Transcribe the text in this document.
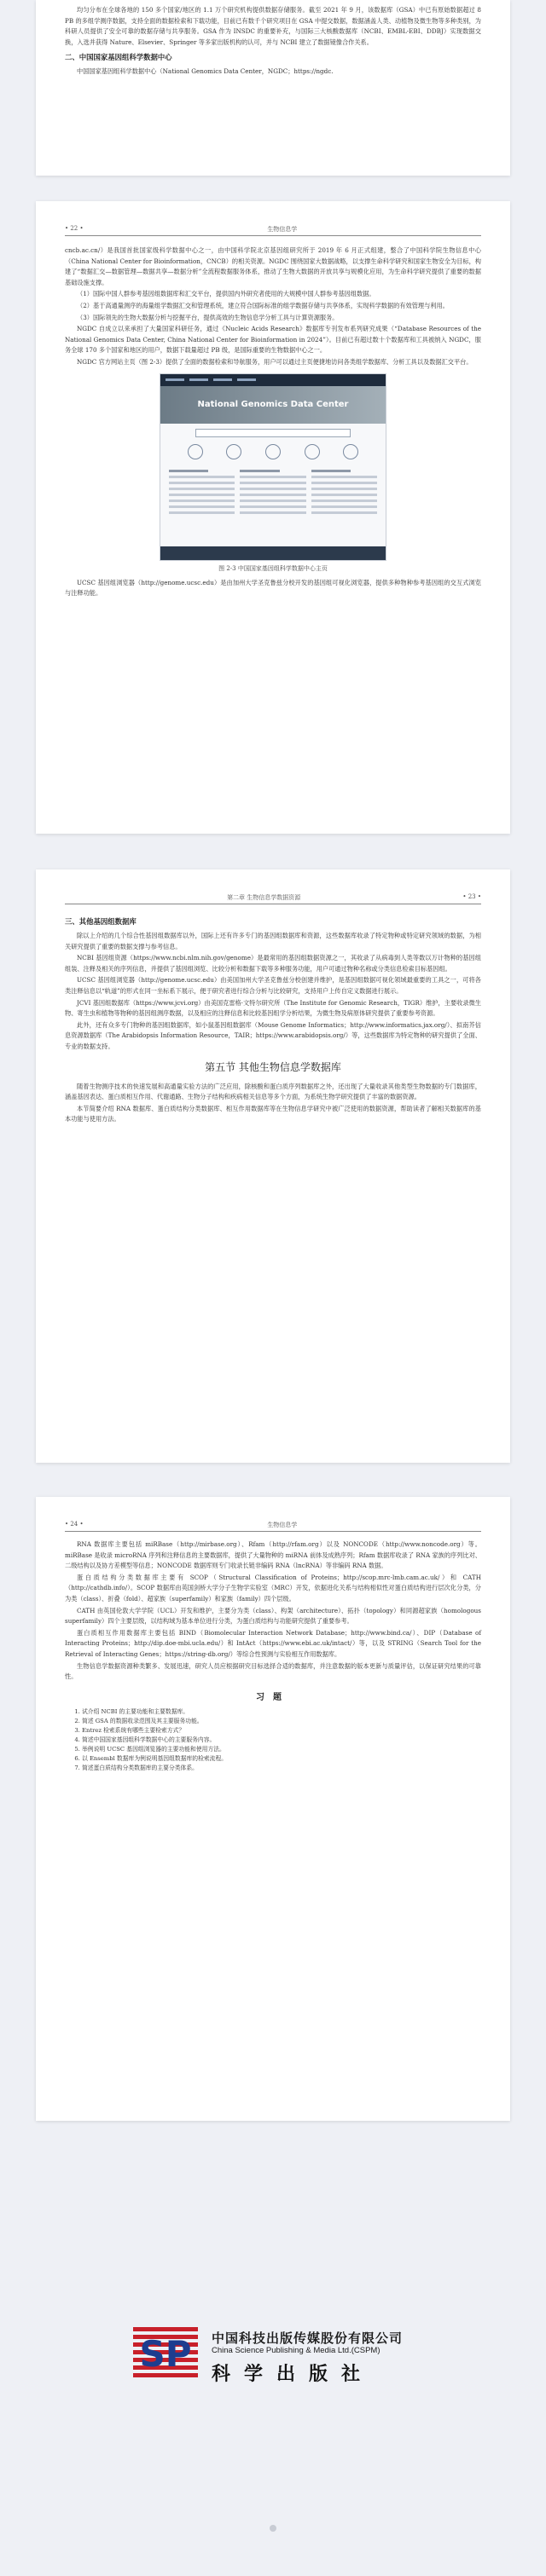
均匀分布在全球各地的 150 多个国家/地区的 1.1 万个研究机构提供数据存储服务。截至 2021 年 9 月，该数据库（GSA）中已有原始数据超过 8 PB 的多组学测序数据，支持全面的数据检索和下载功能，目前已有数千个研究项目在 GSA 中提交数据，数据涵盖人类、动植物及微生物等多种类别，为科研人员提供了安全可靠的数据存储与共享服务。GSA 作为 INSDC 的重要补充，与国际三大核酸数据库（NCBI、EMBL-EBI、DDBJ）实现数据交换，入选并获得 Nature、Elsevier、Springer 等多家出版机构的认可，并与 NCBI 建立了数据镜像合作关系。

二、中国国家基因组科学数据中心

中国国家基因组科学数据中心（National Genomics Data Center，NGDC；https://ngdc.

• 22 •	生物信息学

cncb.ac.cn/）是我国首批国家级科学数据中心之一，由中国科学院北京基因组研究所于 2019 年 6 月正式组建，整合了中国科学院生物信息中心（China National Center for Bioinformation，CNCB）的相关资源。NGDC 围绕国家大数据战略，以支撑生命科学研究和国家生物安全为目标，构建了“数据汇交—数据管理—数据共享—数据分析”全流程数据服务体系，推动了生物大数据的开放共享与规模化应用，为生命科学研究提供了重要的数据基础设施支撑。

（1）国际中国人群参考基因组数据库和汇交平台，提供国内外研究者使用的大规模中国人群参考基因组数据。

（2）基于高通量测序的海量组学数据汇交和管理系统，建立符合国际标准的组学数据存储与共享体系，实现科学数据的有效管理与利用。

（3）国际领先的生物大数据分析与挖掘平台，提供高效的生物信息学分析工具与计算资源服务。

NGDC 自成立以来承担了大量国家科研任务，通过《Nucleic Acids Research》数据库专刊发布系列研究成果（“Database Resources of the National Genomics Data Center, China National Center for Bioinformation in 2024”）。目前已有超过数十个数据库和工具被纳入 NGDC，服务全球 170 多个国家和地区的用户，数据下载量超过 PB 级，是国际重要的生物数据中心之一。

NGDC 官方网站主页（图 2-3）提供了全面的数据检索和导航服务，用户可以通过主页便捷地访问各类组学数据库、分析工具以及数据汇交平台。

National Genomics Data Center
图 2-3 中国国家基因组科学数据中心主页

UCSC 基因组浏览器（http://genome.ucsc.edu）是由加州大学圣克鲁兹分校开发的基因组可视化浏览器，提供多种物种参考基因组的交互式浏览与注释功能。

第二章 生物信息学数据资源	• 23 •
三、其他基因组数据库

除以上介绍的几个综合性基因组数据库以外，国际上还有许多专门的基因组数据库和资源，这些数据库收录了特定物种或特定研究领域的数据，为相关研究提供了重要的数据支撑与参考信息。

NCBI 基因组资源（https://www.ncbi.nlm.nih.gov/genome）是最常用的基因组数据资源之一，其收录了从病毒到人类等数以万计物种的基因组组装、注释及相关的序列信息，并提供了基因组浏览、比较分析和数据下载等多种服务功能，用户可通过物种名称或分类信息检索目标基因组。

UCSC 基因组浏览器（http://genome.ucsc.edu）由美国加州大学圣克鲁兹分校创建并维护，是基因组数据可视化领域最重要的工具之一，可将各类注释信息以“轨道”的形式在同一坐标系下展示，便于研究者进行综合分析与比较研究，支持用户上传自定义数据进行展示。

JCVI 基因组数据库（https://www.jcvi.org）由美国克雷格·文特尔研究所（The Institute for Genomic Research，TIGR）维护，主要收录微生物、寄生虫和植物等物种的基因组测序数据，以及相应的注释信息和比较基因组学分析结果，为微生物及病原体研究提供了重要参考资源。

此外，还有众多专门物种的基因组数据库，如小鼠基因组数据库（Mouse Genome Informatics；http://www.informatics.jax.org/）、拟南芥信息资源数据库（The Arabidopsis Information Resource，TAIR；https://www.arabidopsis.org/）等，这些数据库为特定物种的研究提供了全面、专业的数据支持。

第五节 其他生物信息学数据库

随着生物测序技术的快速发展和高通量实验方法的广泛应用，除核酸和蛋白质序列数据库之外，还出现了大量收录其他类型生物数据的专门数据库，涵盖基因表达、蛋白质相互作用、代谢通路、生物分子结构和疾病相关信息等多个方面，为系统生物学研究提供了丰富的数据资源。

本节简要介绍 RNA 数据库、蛋白质结构分类数据库、相互作用数据库等在生物信息学研究中被广泛使用的数据资源，帮助读者了解相关数据库的基本功能与使用方法。

• 24 •	生物信息学

RNA 数据库主要包括 miRBase（http://mirbase.org）、Rfam（http://rfam.org）以及 NONCODE（http://www.noncode.org）等。miRBase 是收录 microRNA 序列和注释信息的主要数据库，提供了大量物种的 miRNA 前体及成熟序列；Rfam 数据库收录了 RNA 家族的序列比对、二级结构以及协方差模型等信息；NONCODE 数据库则专门收录长链非编码 RNA（lncRNA）等非编码 RNA 数据。

蛋白质结构分类数据库主要有 SCOP（Structural Classification of Proteins；http://scop.mrc-lmb.cam.ac.uk/）和 CATH（http://cathdb.info/）。SCOP 数据库由英国剑桥大学分子生物学实验室（MRC）开发，依据进化关系与结构相似性对蛋白质结构进行层次化分类，分为类（class）、折叠（fold）、超家族（superfamily）和家族（family）四个层级。

CATH 由英国伦敦大学学院（UCL）开发和维护，主要分为类（class）、构架（architecture）、拓扑（topology）和同源超家族（homologous superfamily）四个主要层级，以结构域为基本单位进行分类，为蛋白质结构与功能研究提供了重要参考。

蛋白质相互作用数据库主要包括 BIND（Biomolecular Interaction Network Database；http://www.bind.ca/）、DIP（Database of Interacting Proteins；http://dip.doe-mbi.ucla.edu/）和 IntAct（https://www.ebi.ac.uk/intact/）等，以及 STRING（Search Tool for the Retrieval of Interacting Genes；https://string-db.org/）等综合性预测与实验相互作用数据库。

生物信息学数据资源种类繁多、发展迅速，研究人员应根据研究目标选择合适的数据库，并注意数据的版本更新与质量评估，以保证研究结果的可靠性。

习题
1. 试介绍 NCBI 的主要功能和主要数据库。
2. 简述 GSA 的数据收录范围及其主要服务功能。
3. Entrez 检索系统有哪些主要检索方式？
4. 简述中国国家基因组科学数据中心的主要服务内容。
5. 举例说明 UCSC 基因组浏览器的主要功能和使用方法。
6. 以 Ensembl 数据库为例说明基因组数据库的检索流程。
7. 简述蛋白质结构分类数据库的主要分类体系。
SP 中国科技出版传媒股份有限公司
China Science Publishing & Media Ltd.(CSPM)
科学出版社
